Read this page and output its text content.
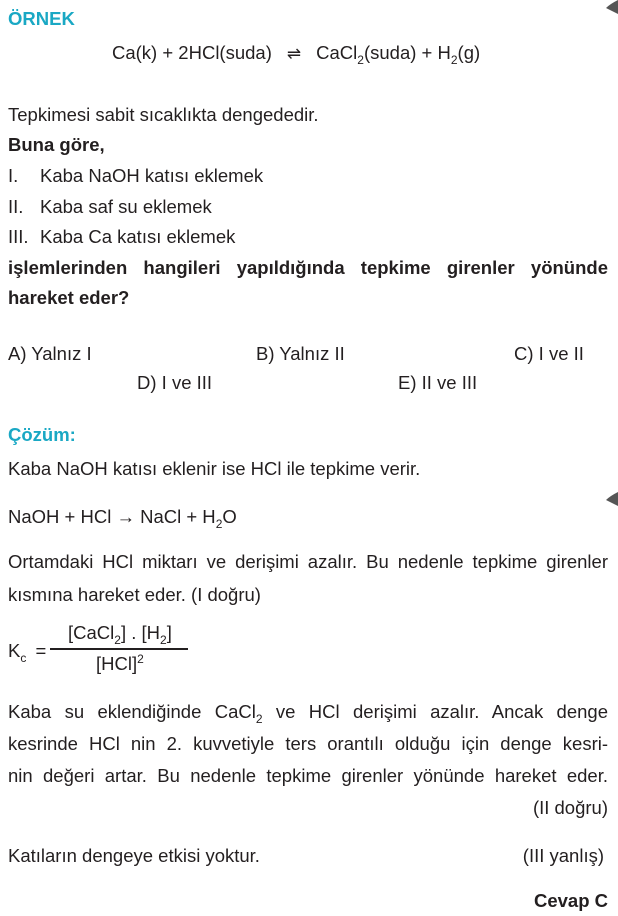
ÖRNEK
Ca(k) + 2HCl(suda) ⇌ CaCl$_2$(suda) + $H_2(g)$
Tepkimesi sabit sıcaklıkta dengededir.
Buna göre,
I. Kaba NaOH katısı eklemek
II. Kaba saf su eklemek
III. Kaba Ca katısı eklemek
işlemlerinden hangileri yapıldığında tepkime girenler yönünde
hareket eder?
A) Yalnız I	B) Yalnız II	C) I ve II
D) I ve III	E) II ve III
Çözüm:
Kaba NaOH katısı eklenir ise HCl ile tepkime verir.
NaOH + HCl → NaCl + $H_2O$
Ortamdaki HCl miktarı ve derişimi azalır. Bu nedenle tepkime girenler
kısmına hareket eder. (I doğru)
$K_c$ =
[CaCl$_2$] . $[H_2]$
[HCl]$^2$
Kaba su eklendiğinde CaCl$_2$ ve HCl derişimi azalır. Ancak denge
kesrinde HCl nin 2. kuvvetiyle ters orantılı olduğu için denge kesri-
nin değeri artar. Bu nedenle tepkime girenler yönünde hareket eder.
(II doğru)
Katıların dengeye etkisi yoktur.	(III yanlış)
Cevap C
